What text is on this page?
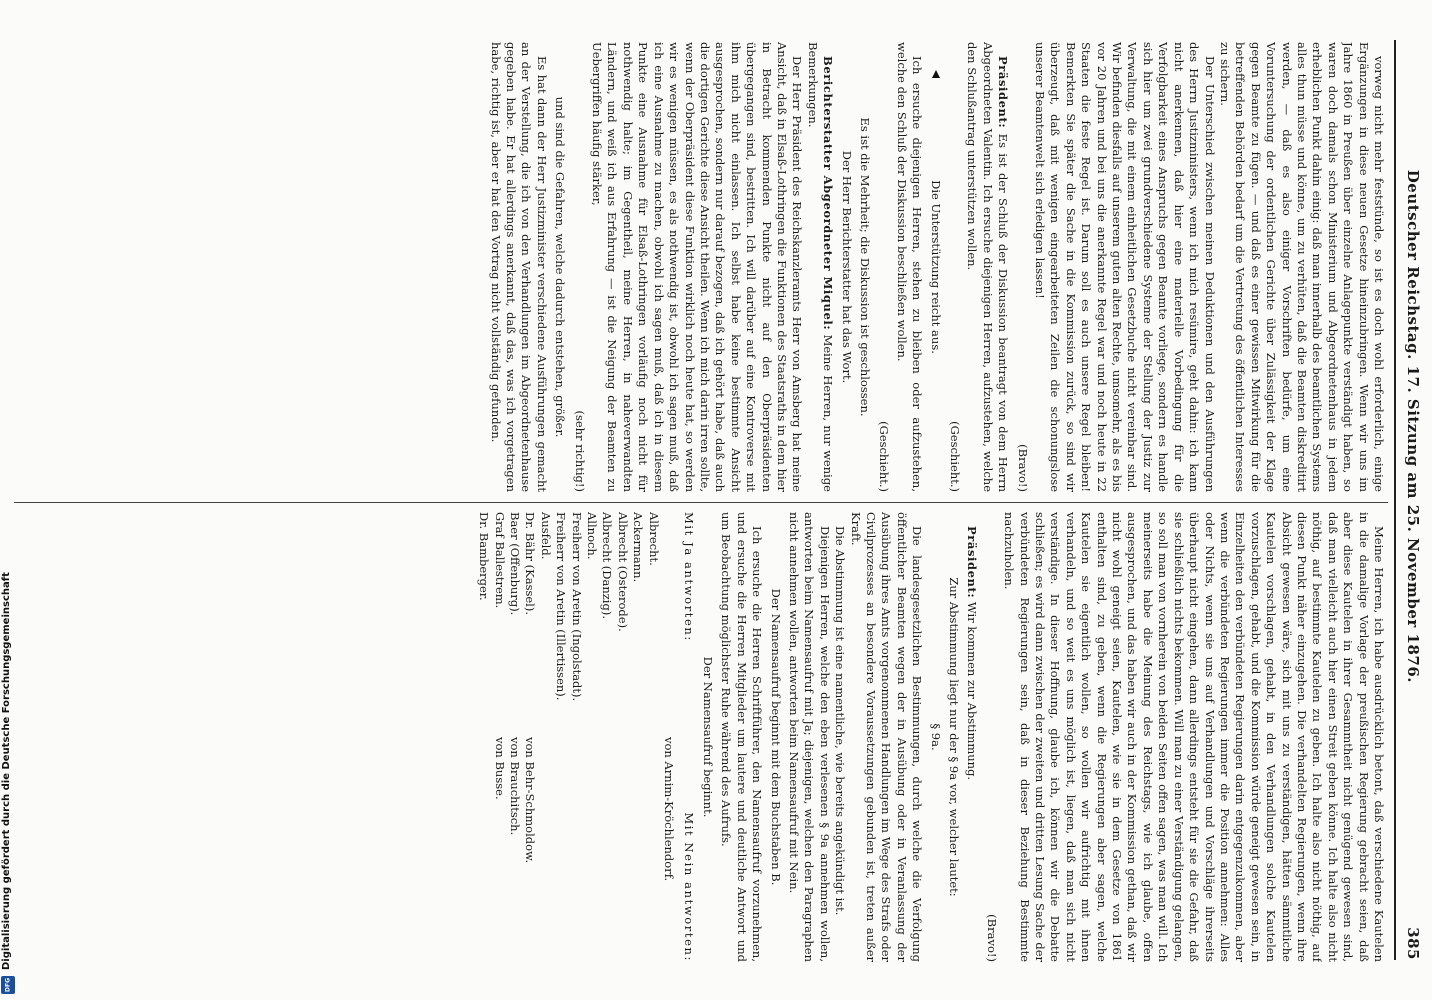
Deutscher Reichstag. 17. Sitzung am 25. November 1876.
385

vorweg nicht mehr feststünde, so ist es doch wohl erforderlich, einige Ergänzungen in diese neuen Gesetze hineinzubringen. Wenn wir uns im Jahre 1860 in Preußen über einzelne Anlagepunkte verständigt haben, so waren doch damals schon Ministerium und Abgeordnetenhaus in jedem erheblichen Punkt dahin einig: daß man innerhalb des beamtlichen Systems alles thun müsse und könne, um zu verhüten, daß die Beamten diskreditirt werden, — daß es also einiger Vorschriften bedürfe, um eine Voruntersuchung der ordentlichen Gerichte über Zulässigkeit der Klage gegen Beamte zu fügen. — und daß es einer gewissen Mitwirkung für die betreffenden Behörden bedarf um die Vertretung des öffentlichen Interesses zu sichern.

Der Unterschied zwischen meinen Deduktionen und den Ausführungen des Herrn Justizministers, wenn ich mich resümire, geht dahin: ich kann nicht anerkennen, daß hier eine materielle Vorbedingung für die Verfolgbarkeit eines Anspruchs gegen Beamte vorliege, sondern es handle sich hier um zwei grundverschiedene Systeme der Stellung der Justiz zur Verwaltung, die mit einem einheitlichen Gesetzbuche nicht vereinbar sind. Wir befinden diesfalls auf unserem guten alten Rechte, umsomehr, als es bis vor 20 Jahren und bei uns die anerkannte Regel war und noch heute in 22 Staaten die feste Regel ist. Darum soll es auch unsere Regel bleiben! Bemerkten Sie später die Sache in die Kommission zurück, so sind wir überzeugt, daß mit wenigen eingearbeiteten Zeilen die schonungslose unserer Beamtenwelt sich erledigen lassen!

(Bravo!)

Präsident: Es ist der Schluß der Diskussion beantragt von dem Herrn Abgeordneten Valentin. Ich ersuche diejenigen Herren, aufzustehen, welche den Schlußantrag unterstützen wollen.

(Geschieht.)

Die Unterstützung reicht aus.

Ich ersuche diejenigen Herren, stehen zu bleiben oder aufzustehen, welche den Schluß der Diskussion beschließen wollen.

(Geschieht.)

Es ist die Mehrheit; die Diskussion ist geschlossen.

Der Herr Berichterstatter hat das Wort.

Berichterstatter Abgeordneter Miquel: Meine Herren, nur wenige Bemerkungen.

Der Herr Präsident des Reichskanzleramts Herr von Amsberg hat meine Ansicht, daß in Elsaß-Lothringen die Funktionen des Staatsraths in dem hier in Betracht kommenden Punkte nicht auf den Oberpräsidenten übergegangen sind, bestritten. Ich will darüber auf eine Kontroverse mit ihm mich nicht einlassen. Ich selbst habe keine bestimmte Ansicht ausgesprochen, sondern nur darauf bezogen, daß ich gehört habe, daß auch die dortigen Gerichte diese Ansicht theilen. Wenn ich mich darin irren sollte, wenn der Oberpräsident diese Funktion wirklich noch heute hat, so werden wir es wenigen müssen, es als nothwendig ist, obwohl ich sagen muß, daß ich eine Ausnahme zu machen, obwohl ich sagen muß, daß ich in diesem Punkte eine Ausnahme für Elsaß-Lothringen vorläufig noch nicht für nothwendig halte; im Gegentheil, meine Herren, in naheverwandten Ländern, und weiß ich aus Erfahrung — ist die Neigung der Beamten zu Uebergriffen häufig stärker,

(sehr richtig!)

und sind die Gefahren, welche dadurch entstehen, größer.

Es hat dann der Herr Justizminister verschiedene Ausführungen gemacht an der Verstellung, die ich von den Verhandlungen im Abgeordnetenhause gegeben habe. Er hat allerdings anerkannt, daß das, was ich vorgetragen habe, richtig ist, aber er hat den Vortrag nicht vollständig gefunden.

Meine Herren, ich habe ausdrücklich betont, daß verschiedene Kautelen in die damalige Vorlage der preußischen Regierung gebracht seien, daß aber diese Kautelen in ihrer Gesammtheit nicht genügend gewesen sind, daß man vielleicht auch hier einen Streit geben könne. Ich halte also nicht nöthig, auf bestimmte Kautelen zu geben. Ich halte also nicht nöthig, auf diesen Punkt näher einzugehen. Die verhandelten Regierungen, wenn ihre Absicht gewesen wäre, sich mit uns zu verständigen, hätten sämmtliche Kautelen vorschlagen, gehabt, in den Verhandlungen solche Kautelen vorzuschlagen, gehabt, und die Kommission würde geneigt gewesen sein, in Einzelheiten den verbündeten Regierungen darin entgegenzukommen, aber wenn die verbündeten Regierungen immer die Position annehmen: Alles oder Nichts, wenn sie uns auf Verhandlungen und Vorschläge ihrerseits überhaupt nicht eingehen, dann allerdings entsteht für sie die Gefahr, daß sie schließlich nichts bekommen. Will man zu einer Verständigung gelangen, so soll man von vornherein von beiden Seiten offen sagen, was man will. Ich meinerseits habe die Meinung des Reichstags, wie ich glaube, offen ausgesprochen, und das haben wir auch in der Kommission gethan, daß wir nicht wohl geneigt seien, Kautelen, wie sie in dem Gesetze von 1861 enthalten sind, zu geben, wenn die Regierungen aber sagen, welche Kautelen sie eigentlich wollen, so wollen wir aufrichtig mit ihnen verhandeln, und so weit es uns möglich ist, liegen, daß man sich nicht verständige. In dieser Hoffnung, glaube ich, können wir die Debatte schließen; es wird dann zwischen der zweiten und dritten Lesung Sache der verbündeten Regierungen sein, daß in dieser Beziehung Bestimmte nachzuholen.

(Bravo!)

Präsident: Wir kommen zur Abstimmung.

Zur Abstimmung liegt nur der § 9a vor, welcher lautet:

§ 9a.

Die landesgesetzlichen Bestimmungen, durch welche die Verfolgung öffentlicher Beamten wegen der in Ausübung oder in Veranlassung der Ausübung ihres Amts vorgenommenen Handlungen im Wege des Strafs oder Civilprozesses an besondere Voraussetzungen gebunden ist, treten außer Kraft.

Die Abstimmung ist eine namentliche, wie bereits angekündigt ist.

Diejenigen Herren, welche den eben verlesenen § 9a annehmen wollen, antworten beim Namensaufruf mit Ja; diejenigen, welchen den Paragraphen nicht annehmen wollen, antworten beim Namensaufruf mit Nein.

Der Namensaufruf beginnt mit dem Buchstaben B.

Ich ersuche die Herren Schriftführer, den Namensaufruf vorzunehmen, und ersuche die Herren Mitglieder um lautere und deutliche Antwort und um Beobachtung möglichster Ruhe während des Aufrufs.

Der Namensaufruf beginnt.

Mit Ja antworten:
Mit Nein antworten:
von Arnim-Kröchlendorf.
Albrecht.
Ackermann.
Albrecht (Osterode).
Albrecht (Danzig).
Allnoch.
Freiherr von Aretin (Ingolstadt).
Freiherr von Aretin (Illertissen).
Ausfeld.
Dr. Bähr (Kassel).
von Behr-Schmoldow.
Baer (Offenburg).
von Brauchitsch.
Graf Ballestrem.
von Busse.
Dr. Bamberger.
Digitalisierung gefördert durch die Deutsche Forschungsgemeinschaft
DFG
